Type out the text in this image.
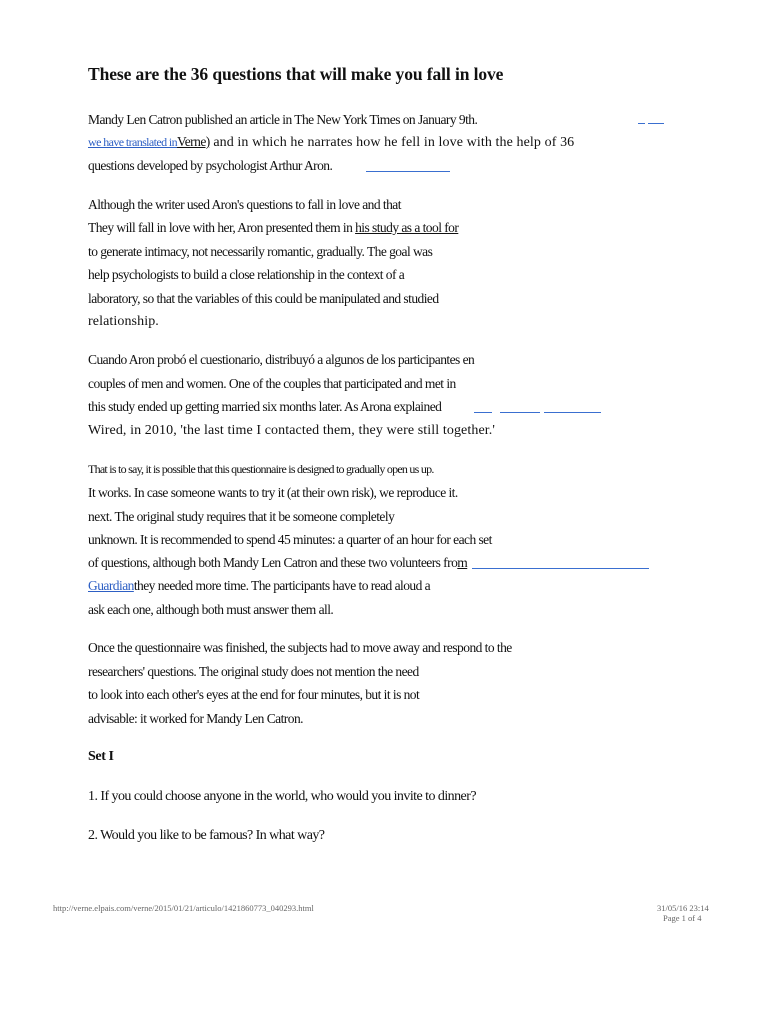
These are the 36 questions that will make you fall in love
Mandy Len Catron published an article in The New York Times on January 9th.
we have translated inVerne) and in which he narrates how he fell in love with the help of 36
questions developed by psychologist Arthur Aron.
Although the writer used Aron's questions to fall in love and that
They will fall in love with her, Aron presented them in his study as a tool for
to generate intimacy, not necessarily romantic, gradually. The goal was
help psychologists to build a close relationship in the context of a
laboratory, so that the variables of this could be manipulated and studied
relationship.
Cuando Aron probó el cuestionario, distribuyó a algunos de los participantes en
couples of men and women. One of the couples that participated and met in
this study ended up getting married six months later. As Arona explained
Wired, in 2010, 'the last time I contacted them, they were still together.'
That is to say, it is possible that this questionnaire is designed to gradually open us up.
It works. In case someone wants to try it (at their own risk), we reproduce it.
next. The original study requires that it be someone completely
unknown. It is recommended to spend 45 minutes: a quarter of an hour for each set
of questions, although both Mandy Len Catron and these two volunteers from
Guardianthey needed more time. The participants have to read aloud a
ask each one, although both must answer them all.
Once the questionnaire was finished, the subjects had to move away and respond to the
researchers' questions. The original study does not mention the need
to look into each other's eyes at the end for four minutes, but it is not
advisable: it worked for Mandy Len Catron.
Set I
1. If you could choose anyone in the world, who would you invite to dinner?
2. Would you like to be famous? In what way?
http://verne.elpais.com/verne/2015/01/21/articulo/1421860773_040293.html	31/05/16 23:14
Page 1 of 4
